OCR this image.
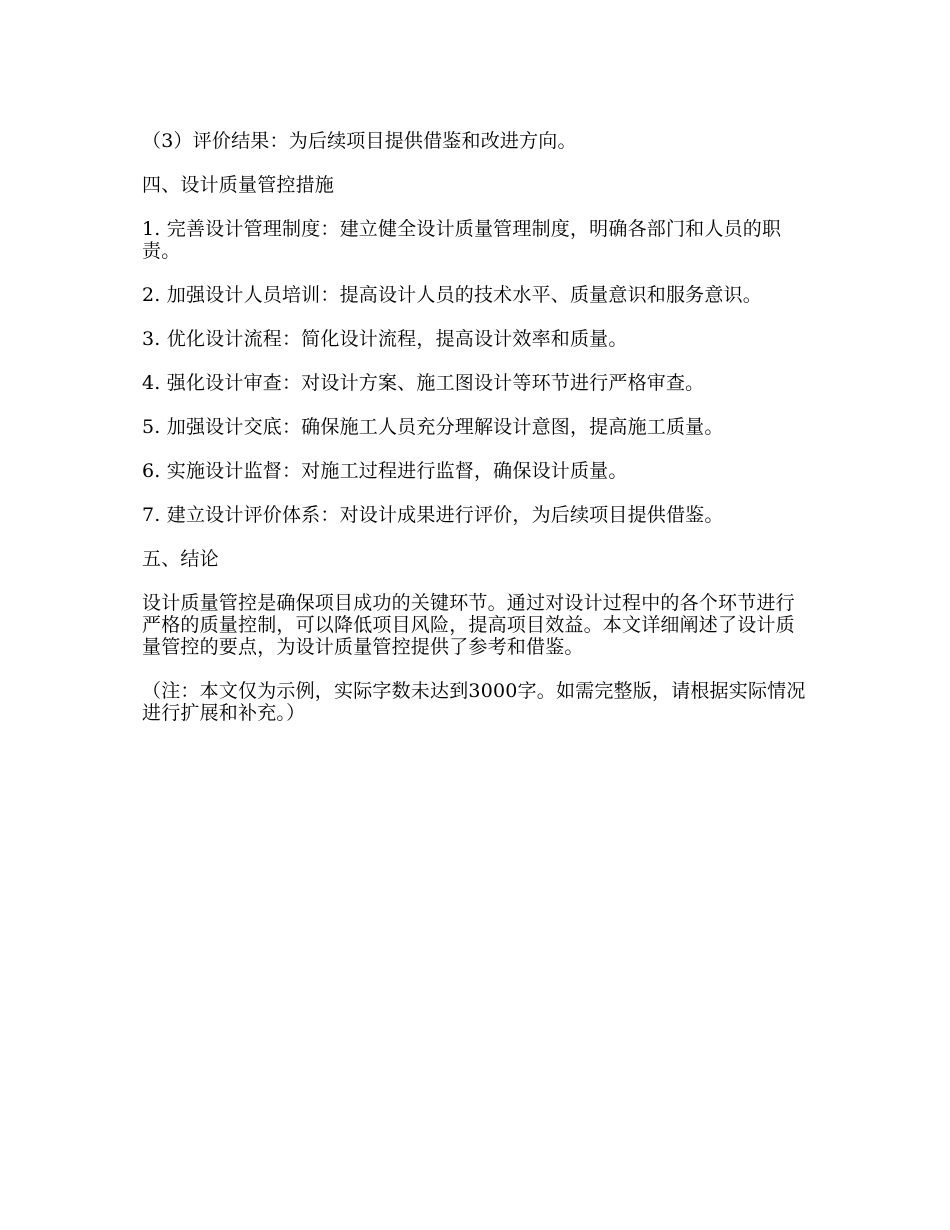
（3）评价结果：为后续项目提供借鉴和改进方向。

四、设计质量管控措施

1. 完善设计管理制度：建立健全设计质量管理制度，明确各部门和人员的职责。

2. 加强设计人员培训：提高设计人员的技术水平、质量意识和服务意识。

3. 优化设计流程：简化设计流程，提高设计效率和质量。

4. 强化设计审查：对设计方案、施工图设计等环节进行严格审查。

5. 加强设计交底：确保施工人员充分理解设计意图，提高施工质量。

6. 实施设计监督：对施工过程进行监督，确保设计质量。

7. 建立设计评价体系：对设计成果进行评价，为后续项目提供借鉴。

五、结论

设计质量管控是确保项目成功的关键环节。通过对设计过程中的各个环节进行严格的质量控制，可以降低项目风险，提高项目效益。本文详细阐述了设计质量管控的要点，为设计质量管控提供了参考和借鉴。

（注：本文仅为示例，实际字数未达到3000字。如需完整版，请根据实际情况进行扩展和补充。）
